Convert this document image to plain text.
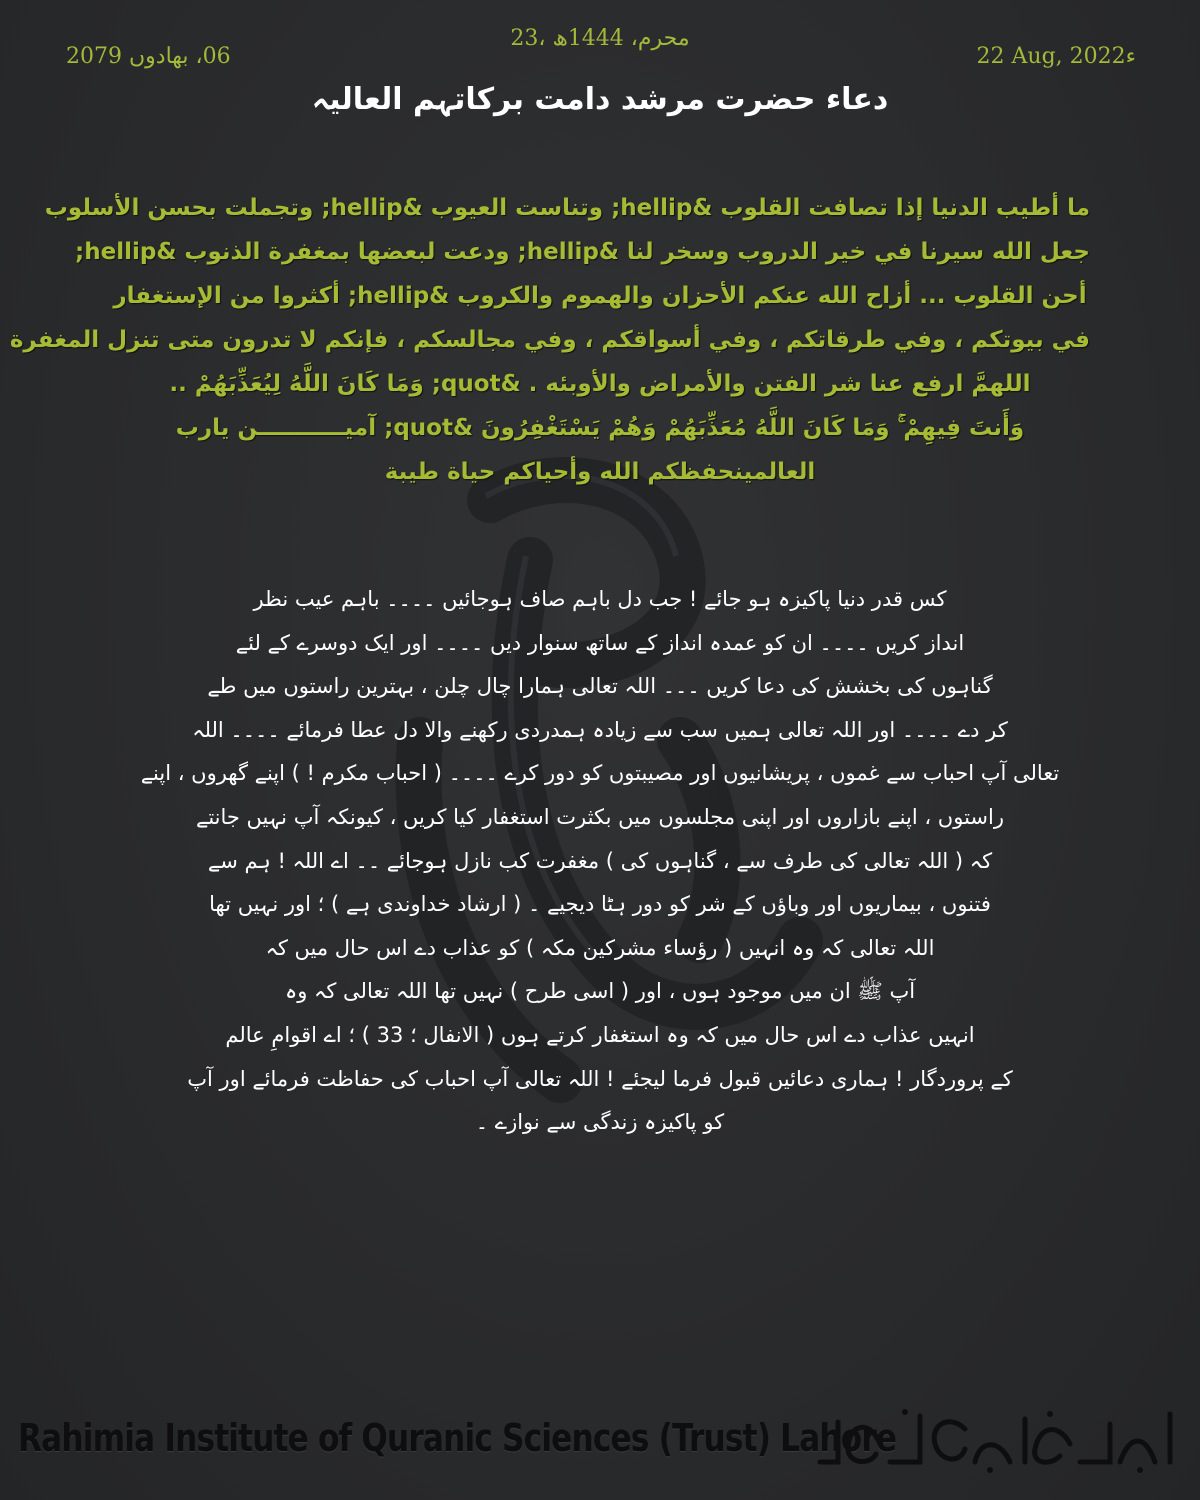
23، محرم، 1444ھ
06، بھادوں 2079	22 Aug, 2022ء
دعاء حضرت مرشد دامت برکاتہم العالیہ
ما أطيب الدنيا إذا تصافت القلوب &hellip; وتناست العيوب &hellip; وتجملت بحسن الأسلوب
جعل الله سيرنا في خير الدروب وسخر لنا &hellip; ودعت لبعضها بمغفرة الذنوب &hellip;
أحن القلوب ... أزاح الله عنكم الأحزان والهموم والكروب &hellip; أكثروا من الإستغفار
في بيوتكم ، وفي طرقاتكم ، وفي أسواقكم ، وفي مجالسكم ، فإنكم لا تدرون متى تنزل المغفرة
اللهمَّ ارفع عنا شر الفتن والأمراض والأوبئه . &quot; وَمَا كَانَ اللَّهُ لِيُعَذِّبَهُمْ ..
وَأَنتَ فِيهِمْ ۚ وَمَا كَانَ اللَّهُ مُعَذِّبَهُمْ وَهُمْ يَسْتَغْفِرُونَ &quot; آميـــــــــــن يارب
العالمينحفظكم الله وأحياكم حياة طيبة
کس قدر دنیا پاکیزہ ہو جائے ! جب دل باہم صاف ہوجائیں ۔۔۔۔ باہم عیب نظر
انداز کریں ۔۔۔۔ ان کو عمدہ انداز کے ساتھ سنوار دیں ۔۔۔۔ اور ایک دوسرے کے لئے
گناہوں کی بخشش کی دعا کریں ۔۔۔ اللہ تعالی ہمارا چال چلن ، بہترین راستوں میں طے
کر دے ۔۔۔۔ اور اللہ تعالی ہمیں سب سے زیادہ ہمدردی رکھنے والا دل عطا فرمائے ۔۔۔۔ اللہ
تعالی آپ احباب سے غموں ، پریشانیوں اور مصیبتوں کو دور کرے ۔۔۔۔ ( احباب مکرم ! ) اپنے گھروں ، اپنے
راستوں ، اپنے بازاروں اور اپنی مجلسوں میں بکثرت استغفار کیا کریں ، کیونکہ آپ نہیں جانتے
کہ ( اللہ تعالی کی طرف سے ، گناہوں کی ) مغفرت کب نازل ہوجائے ۔۔ اے اللہ ! ہم سے
فتنوں ، بیماریوں اور وباؤں کے شر کو دور ہٹا دیجیے ۔ ( ارشاد خداوندی ہے ) ؛ اور نہیں تھا
اللہ تعالی کہ وہ انہیں ( رؤساء مشرکین مکہ ) کو عذاب دے اس حال میں کہ
آپ ﷺ ان میں موجود ہوں ، اور ( اسی طرح ) نہیں تھا اللہ تعالی کہ وہ
انہیں عذاب دے اس حال میں کہ وہ استغفار کرتے ہوں ( الانفال ؛ 33 ) ؛ اے اقوامِ عالم
کے پروردگار ! ہماری دعائیں قبول فرما لیجئے ! اللہ تعالی آپ احباب کی حفاظت فرمائے اور آپ
کو پاکیزہ زندگی سے نوازے ۔
Rahimia Institute of Quranic Sciences (Trust) Lahore
